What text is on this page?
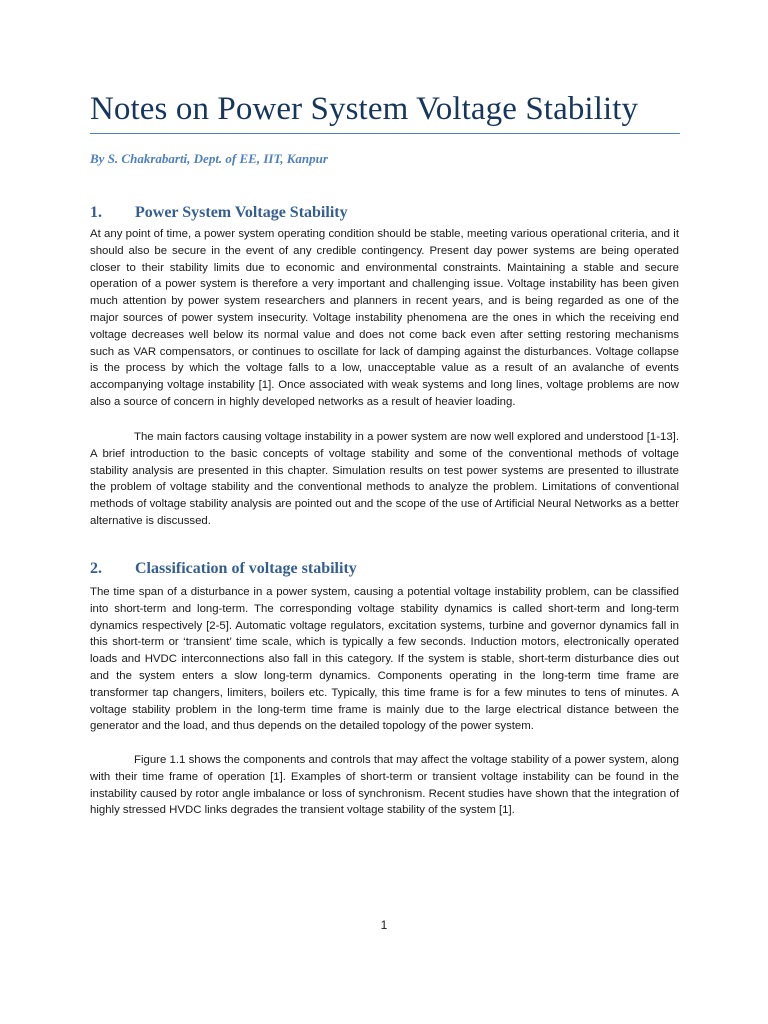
Notes on Power System Voltage Stability

By S. Chakrabarti, Dept. of EE, IIT, Kanpur

1. Power System Voltage Stability

At any point of time, a power system operating condition should be stable, meeting various operational criteria, and it should also be secure in the event of any credible contingency. Present day power systems are being operated closer to their stability limits due to economic and environmental constraints. Maintaining a stable and secure operation of a power system is therefore a very important and challenging issue. Voltage instability has been given much attention by power system researchers and planners in recent years, and is being regarded as one of the major sources of power system insecurity. Voltage instability phenomena are the ones in which the receiving end voltage decreases well below its normal value and does not come back even after setting restoring mechanisms such as VAR compensators, or continues to oscillate for lack of damping against the disturbances. Voltage collapse is the process by which the voltage falls to a low, unacceptable value as a result of an avalanche of events accompanying voltage instability [1]. Once associated with weak systems and long lines, voltage problems are now also a source of concern in highly developed networks as a result of heavier loading.

The main factors causing voltage instability in a power system are now well explored and understood [1-13]. A brief introduction to the basic concepts of voltage stability and some of the conventional methods of voltage stability analysis are presented in this chapter. Simulation results on test power systems are presented to illustrate the problem of voltage stability and the conventional methods to analyze the problem. Limitations of conventional methods of voltage stability analysis are pointed out and the scope of the use of Artificial Neural Networks as a better alternative is discussed.

2. Classification of voltage stability

The time span of a disturbance in a power system, causing a potential voltage instability problem, can be classified into short-term and long-term. The corresponding voltage stability dynamics is called short-term and long-term dynamics respectively [2-5]. Automatic voltage regulators, excitation systems, turbine and governor dynamics fall in this short-term or ‘transient’ time scale, which is typically a few seconds. Induction motors, electronically operated loads and HVDC interconnections also fall in this category. If the system is stable, short-term disturbance dies out and the system enters a slow long-term dynamics. Components operating in the long-term time frame are transformer tap changers, limiters, boilers etc. Typically, this time frame is for a few minutes to tens of minutes. A voltage stability problem in the long-term time frame is mainly due to the large electrical distance between the generator and the load, and thus depends on the detailed topology of the power system.

Figure 1.1 shows the components and controls that may affect the voltage stability of a power system, along with their time frame of operation [1]. Examples of short-term or transient voltage instability can be found in the instability caused by rotor angle imbalance or loss of synchronism. Recent studies have shown that the integration of highly stressed HVDC links degrades the transient voltage stability of the system [1].

1
